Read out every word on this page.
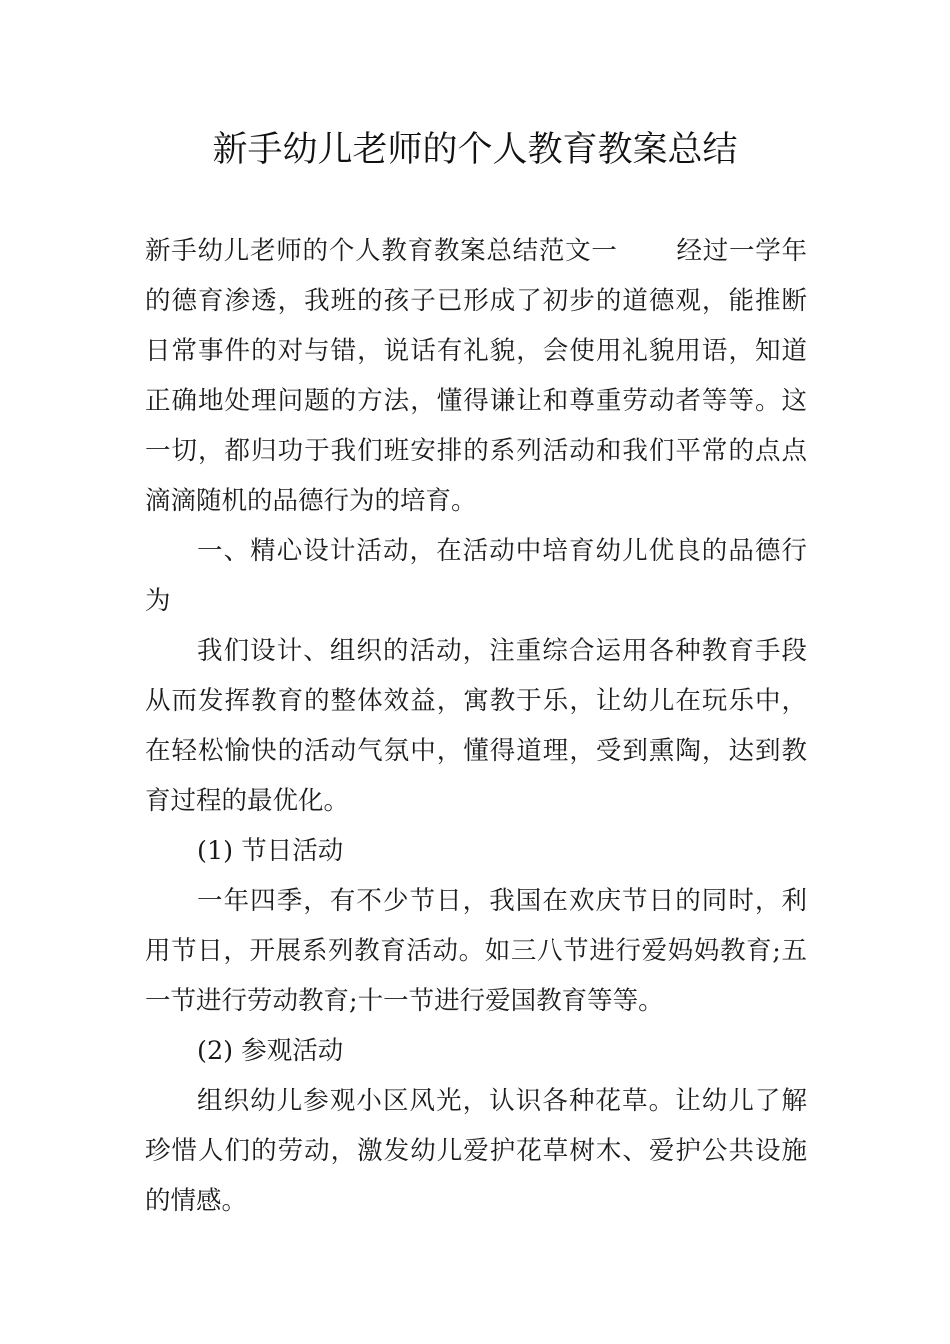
新手幼儿老师的个人教育教案总结
新手幼儿老师的个人教育教案总结范文一 经过一学年
的德育渗透，我班的孩子已形成了初步的道德观，能推断
日常事件的对与错，说话有礼貌，会使用礼貌用语，知道
正确地处理问题的方法，懂得谦让和尊重劳动者等等。这
一切，都归功于我们班安排的系列活动和我们平常的点点
滴滴随机的品德行为的培育。
一、精心设计活动，在活动中培育幼儿优良的品德行
为
我们设计、组织的活动，注重综合运用各种教育手段
从而发挥教育的整体效益，寓教于乐，让幼儿在玩乐中，
在轻松愉快的活动气氛中，懂得道理，受到熏陶，达到教
育过程的最优化。
(1) 节日活动
一年四季，有不少节日，我国在欢庆节日的同时，利
用节日，开展系列教育活动。如三八节进行爱妈妈教育;五
一节进行劳动教育;十一节进行爱国教育等等。
(2) 参观活动
组织幼儿参观小区风光，认识各种花草。让幼儿了解
珍惜人们的劳动，激发幼儿爱护花草树木、爱护公共设施
的情感。
